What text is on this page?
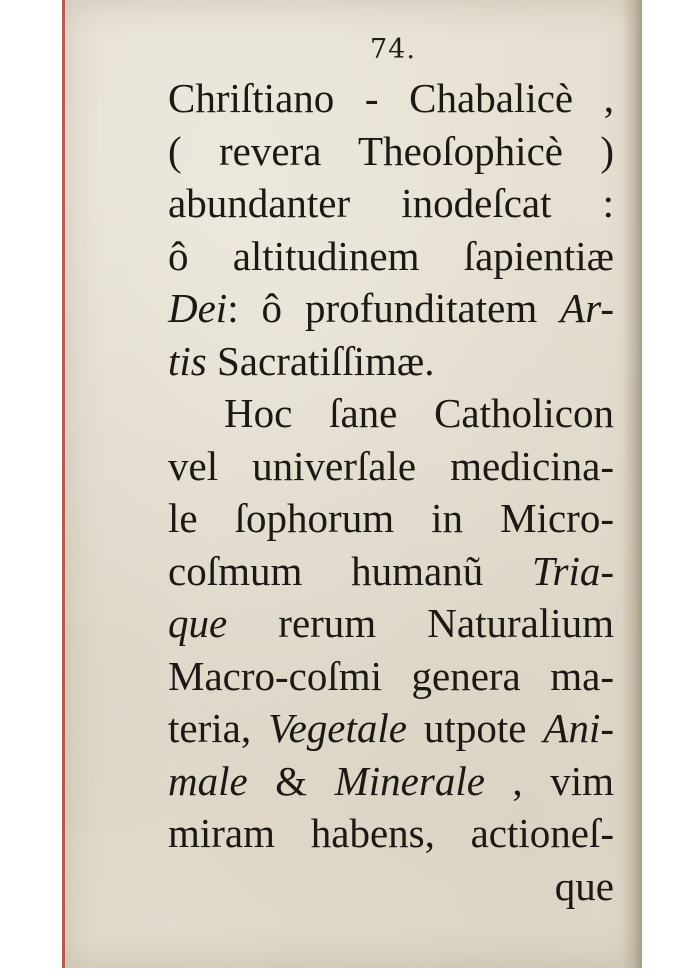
74.
Chriſtiano - Chabalicè ,
( revera Theoſophicè )
abundanter inodeſcat :
ô altitudinem ſapientiæ
Dei: ô profunditatem Ar-
tis Sacratiſſimæ.
Hoc ſane Catholicon
vel univerſale medicina-
le ſophorum in Micro-
coſmum humanũ Tria-
que rerum Naturalium
Macro-coſmi genera ma-
teria, Vegetale utpote Ani-
male & Minerale , vim
miram habens, actioneſ-
que
